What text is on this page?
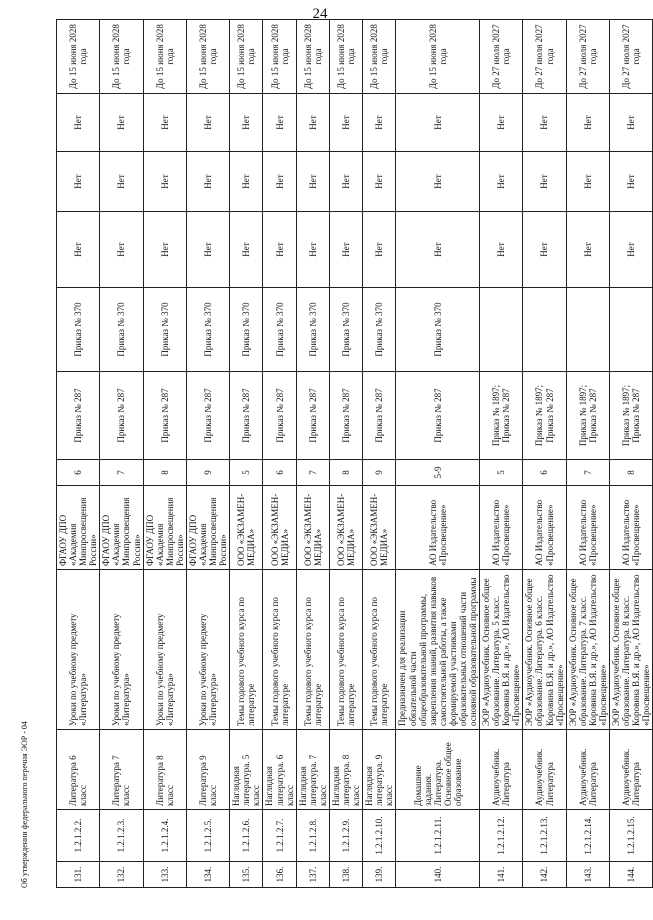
24
131.	1.2.1.2.2.	Литература 6 класс	Уроки по учебному предмету «Литература»	ФГАОУ ДПО «Академия Минпросвещения России»	6	Приказ № 287	Приказ № 370	Нет	Нет	Нет	До 15 июня 2028 года
132.	1.2.1.2.3.	Литература 7 класс	Уроки по учебному предмету «Литература»	ФГАОУ ДПО «Академия Минпросвещения России»	7	Приказ № 287	Приказ № 370	Нет	Нет	Нет	До 15 июня 2028 года
133.	1.2.1.2.4.	Литература 8 класс	Уроки по учебному предмету «Литература»	ФГАОУ ДПО «Академия Минпросвещения России»	8	Приказ № 287	Приказ № 370	Нет	Нет	Нет	До 15 июня 2028 года
134.	1.2.1.2.5.	Литература 9 класс	Уроки по учебному предмету «Литература»	ФГАОУ ДПО «Академия Минпросвещения России»	9	Приказ № 287	Приказ № 370	Нет	Нет	Нет	До 15 июня 2028 года
135.	1.2.1.2.6.	Наглядная литература. 5 класс	Темы годового учебного курса по литературе	ООО «ЭКЗАМЕН-МЕДИА»	5	Приказ № 287	Приказ № 370	Нет	Нет	Нет	До 15 июня 2028 года
136.	1.2.1.2.7.	Наглядная литература. 6 класс	Темы годового учебного курса по литературе	ООО «ЭКЗАМЕН-МЕДИА»	6	Приказ № 287	Приказ № 370	Нет	Нет	Нет	До 15 июня 2028 года
137.	1.2.1.2.8.	Наглядная литература. 7 класс	Темы годового учебного курса по литературе	ООО «ЭКЗАМЕН-МЕДИА»	7	Приказ № 287	Приказ № 370	Нет	Нет	Нет	До 15 июня 2028 года
138.	1.2.1.2.9.	Наглядная литература. 8 класс	Темы годового учебного курса по литературе	ООО «ЭКЗАМЕН-МЕДИА»	8	Приказ № 287	Приказ № 370	Нет	Нет	Нет	До 15 июня 2028 года
139.	1.2.1.2.10.	Наглядная литература. 9 класс	Темы годового учебного курса по литературе	ООО «ЭКЗАМЕН-МЕДИА»	9	Приказ № 287	Приказ № 370	Нет	Нет	Нет	До 15 июня 2028 года
140.	1.2.1.2.11.	Домашние задания. Литература. Основное общее образование	Предназначен для реализации обязательной части общеобразовательной программы, закрепления знаний, развития навыков самостоятельной работы, а также формируемой участниками образовательных отношений части основной образовательной программы	АО Издательство «Просвещение»	5-9	Приказ № 287	Приказ № 370	Нет	Нет	Нет	До 15 июня 2028 года
141.	1.2.1.2.12.	Аудиоучебник. Литература	ЭОР «Аудиоучебник. Основное общее образование. Литература. 5 класс. Коровина В.Я. и др.», АО Издательство «Просвещение»	АО Издательство «Просвещение»	5	Приказ № 1897; Приказ № 287		Нет	Нет	Нет	До 27 июля 2027 года
142.	1.2.1.2.13.	Аудиоучебник. Литература	ЭОР «Аудиоучебник. Основное общее образование. Литература. 6 класс. Коровина В.Я. и др.», АО Издательство «Просвещение»	АО Издательство «Просвещение»	6	Приказ № 1897; Приказ № 287		Нет	Нет	Нет	До 27 июля 2027 года
143.	1.2.1.2.14.	Аудиоучебник. Литература	ЭОР «Аудиоучебник. Основное общее образование. Литература. 7 класс. Коровина В.Я. и др.», АО Издательство «Просвещение»	АО Издательство «Просвещение»	7	Приказ № 1897; Приказ № 287		Нет	Нет	Нет	До 27 июля 2027 года
144.	1.2.1.2.15.	Аудиоучебник. Литература	ЭОР «Аудиоучебник. Основное общее образование. Литература. 8 класс. Коровина В.Я. и др.», АО Издательство «Просвещение»	АО Издательство «Просвещение»	8	Приказ № 1897; Приказ № 287		Нет	Нет	Нет	До 27 июля 2027 года
Об утверждении федерального перечня ЭОР - 04
